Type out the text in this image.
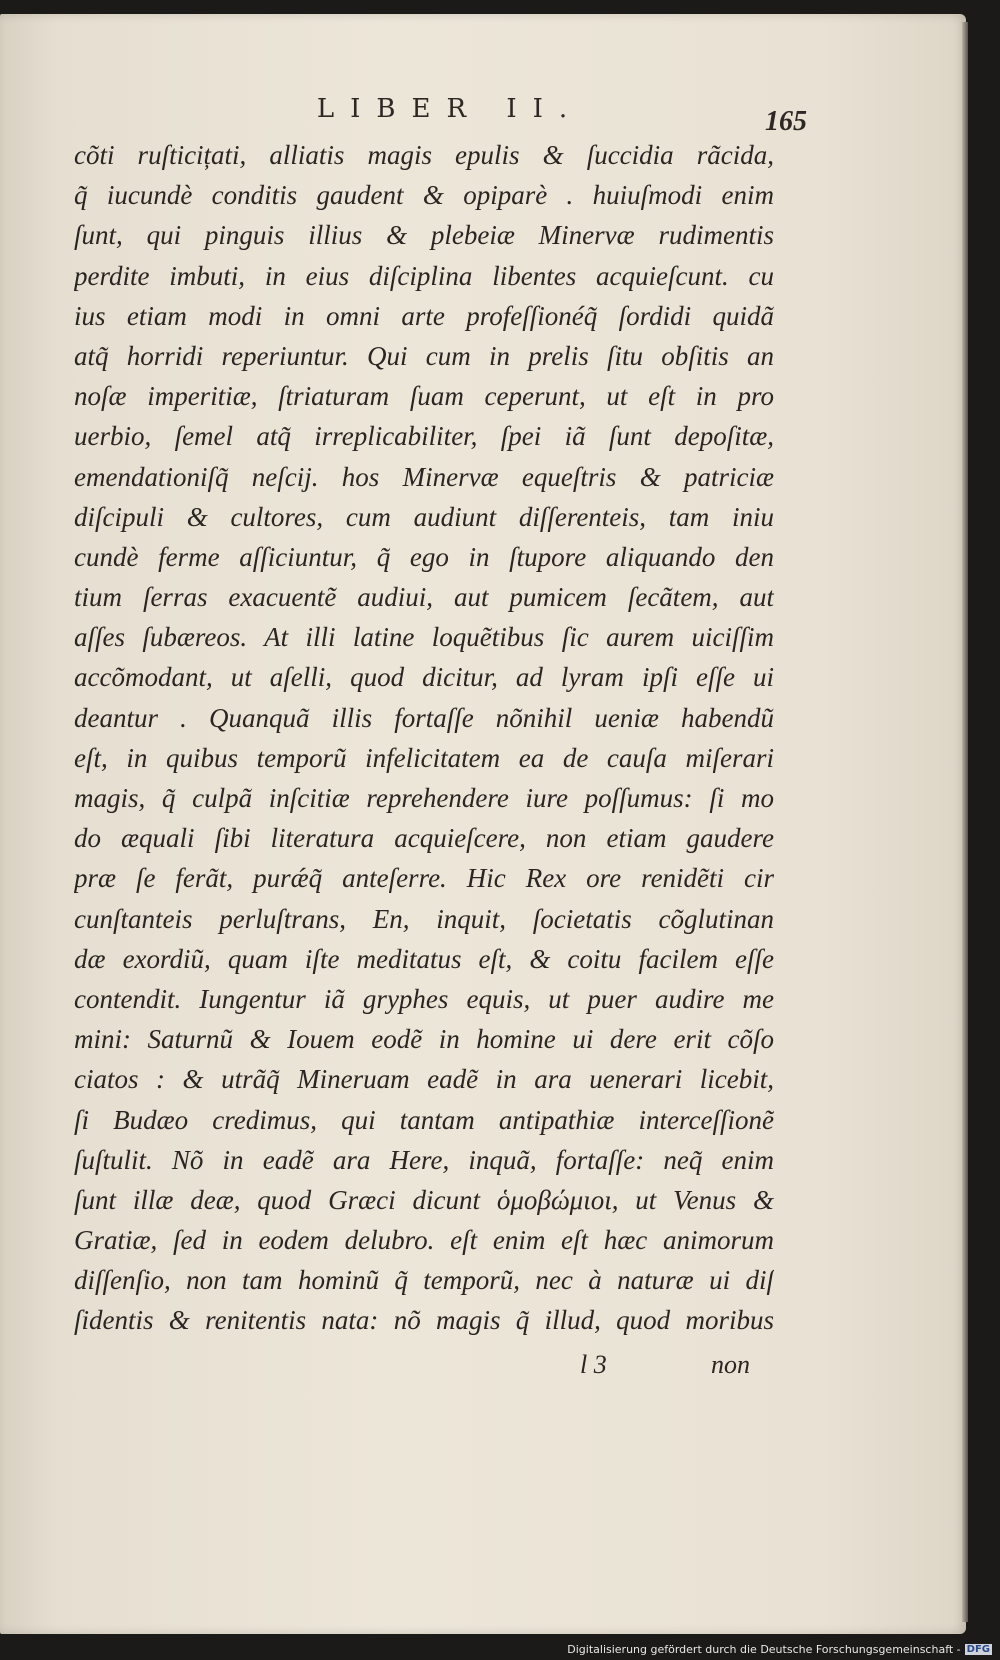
LIBER II.	165
cõti ruſticițati, alliatis magis epulis & ſuccidia rãcida,
q̃ iucundè conditis gaudent & opiparè . huiuſmodi enim
ſunt, qui pinguis illius & plebeiæ Minervæ rudimentis
perdite imbuti, in eius diſciplina libentes acquieſcunt. cu
ius etiam modi in omni arte profeſſionéq̃ ſordidi quidã
atq̃ horridi reperiuntur. Qui cum in prelis ſitu obſitis an
noſæ imperitiæ, ſtriaturam ſuam ceperunt, ut eſt in pro
uerbio, ſemel atq̃ irreplicabiliter, ſpei iã ſunt depoſitæ,
emendationiſq̃ neſcij. hos Minervæ equeſtris & patriciæ
diſcipuli & cultores, cum audiunt diſſerenteis, tam iniu
cundè ferme aſſiciuntur, q̃ ego in ſtupore aliquando den
tium ſerras exacuentẽ audiui, aut pumicem ſecãtem, aut
aſſes ſubæreos. At illi latine loquẽtibus ſic aurem uiciſſim
accõmodant, ut aſelli, quod dicitur, ad lyram ipſi eſſe ui
deantur . Quanquã illis fortaſſe nõnihil ueniæ habendũ
eſt, in quibus temporũ infelicitatem ea de cauſa miſerari
magis, q̃ culpã inſcitiæ reprehendere iure poſſumus: ſi mo
do æquali ſibi literatura acquieſcere, non etiam gaudere
præ ſe ferãt, purǽq̃ anteſerre. Hic Rex ore renidẽti cir
cunſtanteis perluſtrans, En, inquit, ſocietatis cõglutinan
dæ exordiũ, quam iſte meditatus eſt, & coitu facilem eſſe
contendit. Iungentur iã gryphes equis, ut puer audire me
mini: Saturnũ & Iouem eodẽ in homine ui dere erit cõſo
ciatos : & utrãq̃ Mineruam eadẽ in ara uenerari licebit,
ſi Budæo credimus, qui tantam antipathiæ interceſſionẽ
ſuſtulit. Nõ in eadẽ ara Here, inquã, fortaſſe: neq̃ enim
ſunt illæ deæ, quod Græci dicunt ὁμοβώμιοι, ut Venus &
Gratiæ, ſed in eodem delubro. eſt enim eſt hæc animorum
diſſenſio, non tam hominũ q̃ temporũ, nec à naturæ ui diſ
ſidentis & renitentis nata: nõ magis q̃ illud, quod moribus
l 3	non
Digitalisierung gefördert durch die Deutsche Forschungsgemeinschaft - DFG
